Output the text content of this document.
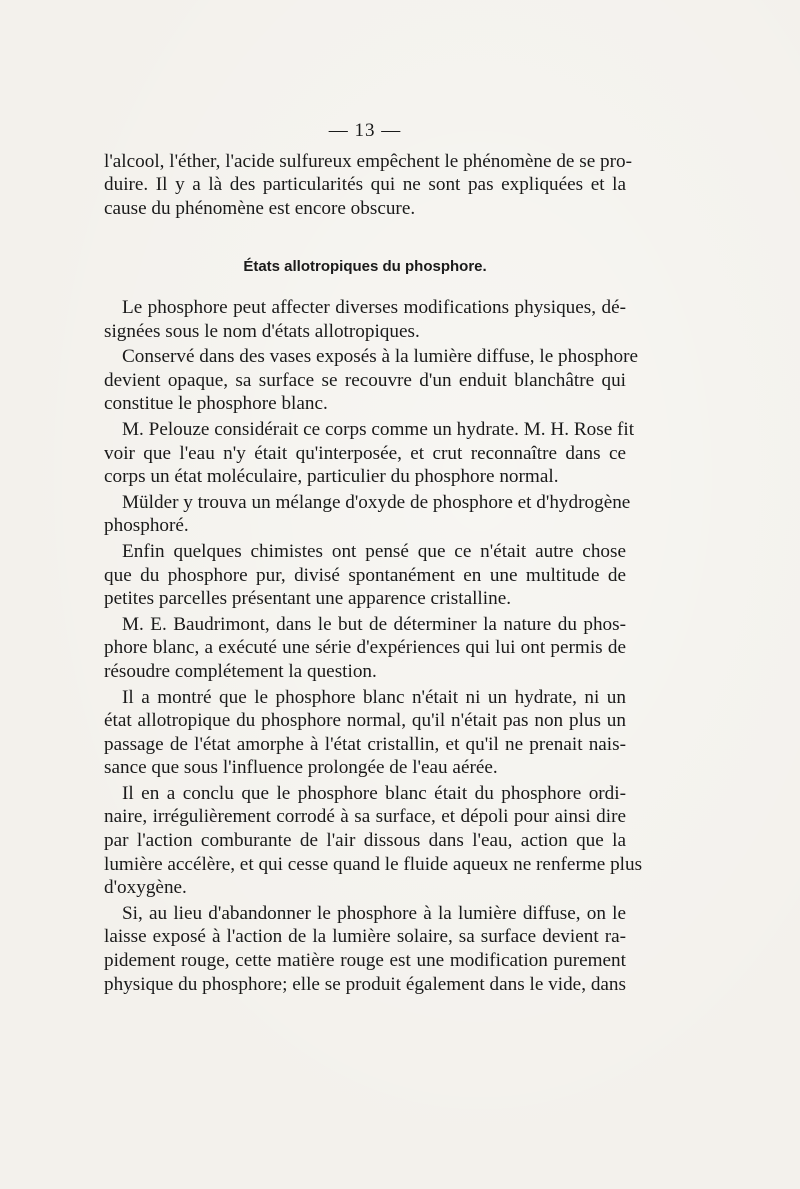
— 13 —
l'alcool, l'éther, l'acide sulfureux empêchent le phénomène de se pro-
duire. Il y a là des particularités qui ne sont pas expliquées et la
cause du phénomène est encore obscure.
États allotropiques du phosphore.
Le phosphore peut affecter diverses modifications physiques, dé-
signées sous le nom d'états allotropiques.
Conservé dans des vases exposés à la lumière diffuse, le phosphore
devient opaque, sa surface se recouvre d'un enduit blanchâtre qui
constitue le phosphore blanc.
M. Pelouze considérait ce corps comme un hydrate. M. H. Rose fit
voir que l'eau n'y était qu'interposée, et crut reconnaître dans ce
corps un état moléculaire, particulier du phosphore normal.
Mülder y trouva un mélange d'oxyde de phosphore et d'hydrogène
phosphoré.
Enfin quelques chimistes ont pensé que ce n'était autre chose
que du phosphore pur, divisé spontanément en une multitude de
petites parcelles présentant une apparence cristalline.
M. E. Baudrimont, dans le but de déterminer la nature du phos-
phore blanc, a exécuté une série d'expériences qui lui ont permis de
résoudre complétement la question.
Il a montré que le phosphore blanc n'était ni un hydrate, ni un
état allotropique du phosphore normal, qu'il n'était pas non plus un
passage de l'état amorphe à l'état cristallin, et qu'il ne prenait nais-
sance que sous l'influence prolongée de l'eau aérée.
Il en a conclu que le phosphore blanc était du phosphore ordi-
naire, irrégulièrement corrodé à sa surface, et dépoli pour ainsi dire
par l'action comburante de l'air dissous dans l'eau, action que la
lumière accélère, et qui cesse quand le fluide aqueux ne renferme plus
d'oxygène.
Si, au lieu d'abandonner le phosphore à la lumière diffuse, on le
laisse exposé à l'action de la lumière solaire, sa surface devient ra-
pidement rouge, cette matière rouge est une modification purement
physique du phosphore; elle se produit également dans le vide, dans
